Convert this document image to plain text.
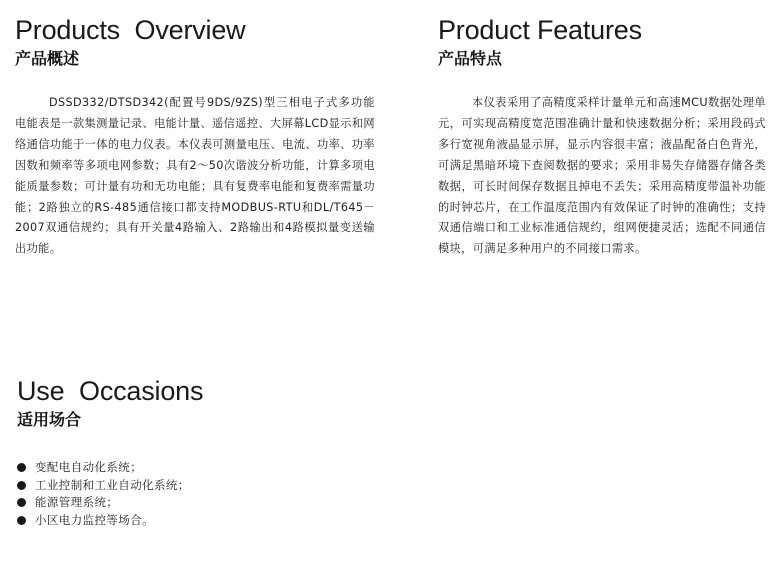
Products  Overview
产品概述
DSSD332/DTSD342(配置号9DS/9ZS)型三相电子式多功能电能表是一款集测量记录、电能计量、遥信遥控、大屏幕LCD显示和网络通信功能于一体的电力仪表。本仪表可测量电压、电流、功率、功率因数和频率等多项电网参数；具有2～50次谐波分析功能，计算多项电能质量参数；可计量有功和无功电能；具有复费率电能和复费率需量功能；2路独立的RS-485通信接口都支持MODBUS-RTU和DL/T645－2007双通信规约；具有开关量4路输入、2路输出和4路模拟量变送输出功能。
Product Features
产品特点
本仪表采用了高精度采样计量单元和高速MCU数据处理单元，可实现高精度宽范围准确计量和快速数据分析；采用段码式多行宽视角液晶显示屏，显示内容很丰富；液晶配备白色背光，可满足黑暗环境下查阅数据的要求；采用非易失存储器存储各类数据，可长时间保存数据且掉电不丢失；采用高精度带温补功能的时钟芯片，在工作温度范围内有效保证了时钟的准确性；支持双通信端口和工业标准通信规约，组网便捷灵活；选配不同通信模块，可满足多种用户的不同接口需求。
Use  Occasions
适用场合
变配电自动化系统；
工业控制和工业自动化系统；
能源管理系统；
小区电力监控等场合。
